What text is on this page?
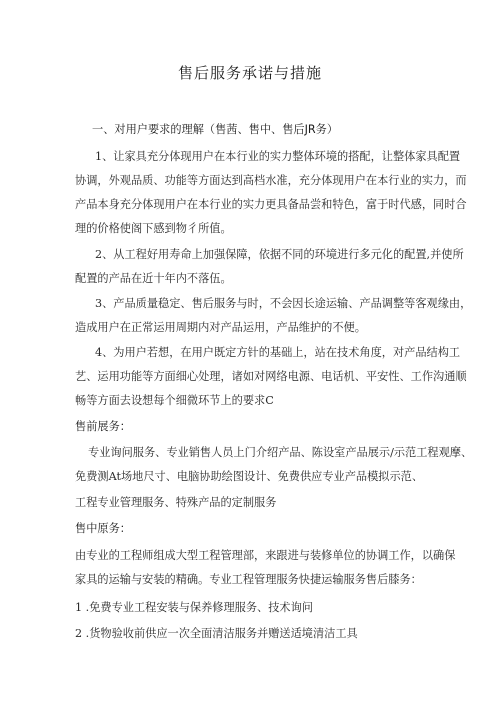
售后服务承诺与措施
一、对用户要求的理解（售茜、售中、售后JR务）
1、让家具充分体现用户在本行业的实力整体环境的搭配，让整体家具配置
协调，外观品质、功能等方面达到高档水准，充分体现用户在本行业的实力，而
产品本身充分体现用户在本行业的实力更具备品尝和特色，富于时代感，同时合
理的价格使阁下感到物彳所值。
2、从工程好用寿命上加强保障，依据不同的环境进行多元化的配置,并使所
配置的产品在近十年内不落伍。
3、产品质量稳定、售后服务与时，不会因长途运输、产品调整等客观缘由，
造成用户在正常运用周期内对产品运用，产品维护的不便。
4、为用户若想，在用户既定方针的基础上，站在技术角度，对产品结构工
艺、运用功能等方面细心处理，诸如对网络电源、电话机、平安性、工作沟通顺
畅等方面去设想每个细微环节上的要求C
售前展务：
专业询问服务、专业销售人员上门介绍产品、陈设室产品展示/示范工程观摩、
免费测At场地尺寸、电脑协助绘图设计、免费供应专业产品模拟示范、
工程专业管理服务、特殊产品的定制服务
售中原务：
由专业的工程师组成大型工程管理部，来跟进与装修单位的协调工作，以确保
家具的运输与安装的精确。专业工程管理服务快捷运输服务售后膝务：
1 .免费专业工程安装与保养修理服务、技术询问
2 .货物验收前供应一次全面清洁服务并赠送适境清洁工具
